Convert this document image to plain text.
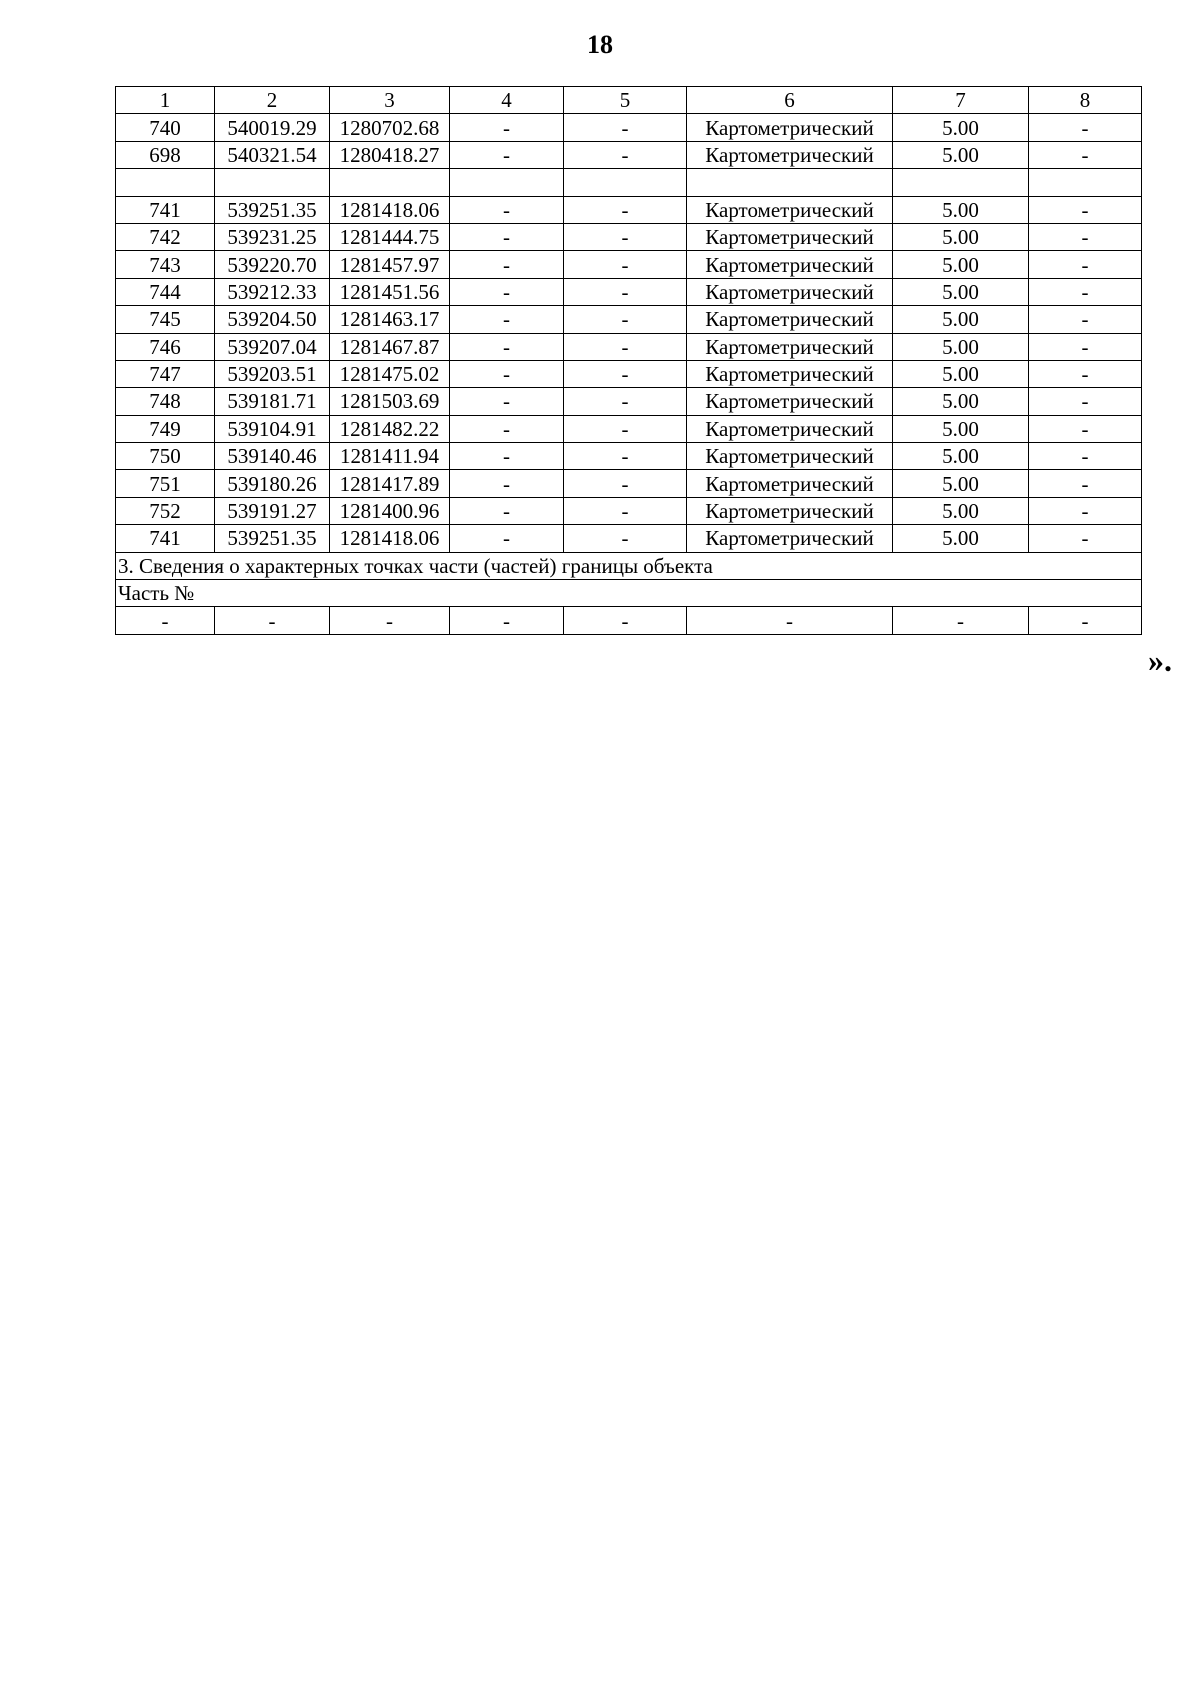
18
1	2	3	4	5	6	7	8
740	540019.29	1280702.68	-	-	Картометрический	5.00	-
698	540321.54	1280418.27	-	-	Картометрический	5.00	-

741	539251.35	1281418.06	-	-	Картометрический	5.00	-
742	539231.25	1281444.75	-	-	Картометрический	5.00	-
743	539220.70	1281457.97	-	-	Картометрический	5.00	-
744	539212.33	1281451.56	-	-	Картометрический	5.00	-
745	539204.50	1281463.17	-	-	Картометрический	5.00	-
746	539207.04	1281467.87	-	-	Картометрический	5.00	-
747	539203.51	1281475.02	-	-	Картометрический	5.00	-
748	539181.71	1281503.69	-	-	Картометрический	5.00	-
749	539104.91	1281482.22	-	-	Картометрический	5.00	-
750	539140.46	1281411.94	-	-	Картометрический	5.00	-
751	539180.26	1281417.89	-	-	Картометрический	5.00	-
752	539191.27	1281400.96	-	-	Картометрический	5.00	-
741	539251.35	1281418.06	-	-	Картометрический	5.00	-
3. Сведения о характерных точках части (частей) границы объекта							
Часть №							
-	-	-	-	-	-	-	-
».
